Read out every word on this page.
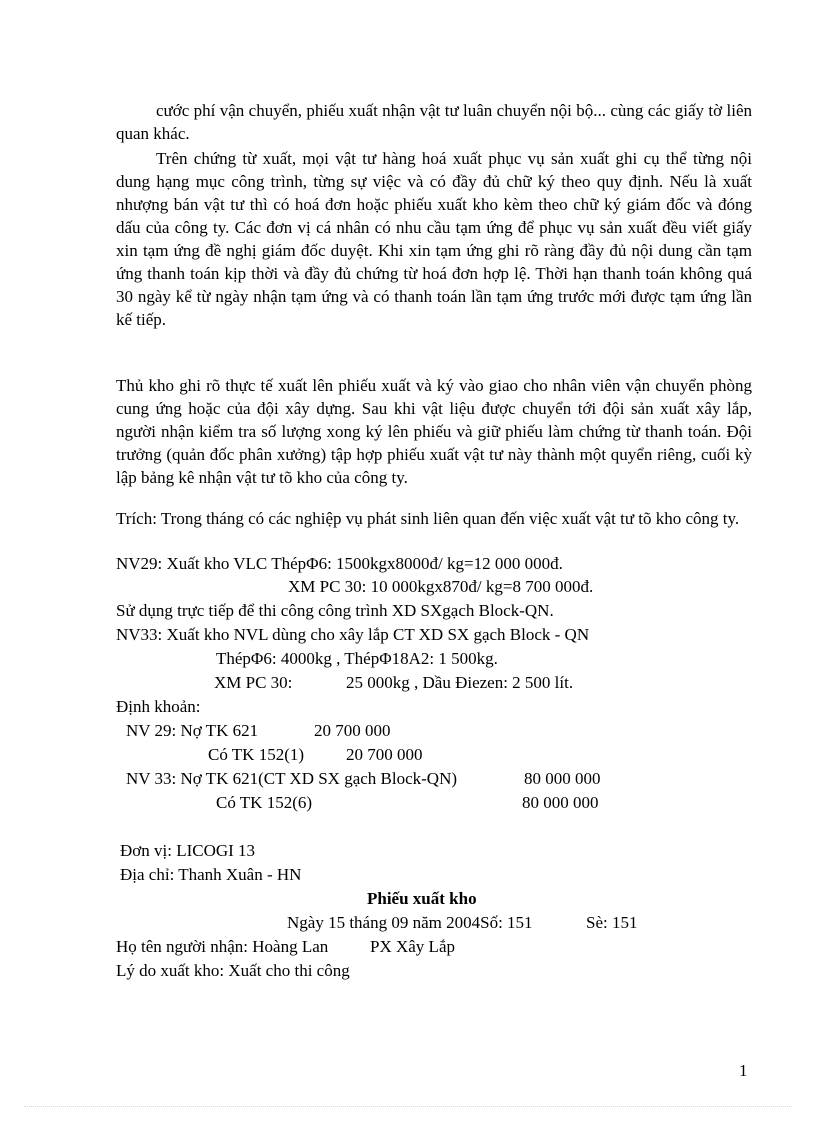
cước phí vận chuyển, phiếu xuất nhận vật tư luân chuyển nội bộ... cùng các giấy tờ liên quan khác.

Trên chứng từ xuất, mọi vật tư hàng hoá xuất phục vụ sản xuất ghi cụ thể từng nội dung hạng mục công trình, từng sự việc và có đầy đủ chữ ký theo quy định. Nếu là xuất nhượng bán vật tư thì có hoá đơn hoặc phiếu xuất kho kèm theo chữ ký giám đốc và đóng dấu của công ty. Các đơn vị cá nhân có nhu cầu tạm ứng để phục vụ sản xuất đều viết giấy xin tạm ứng đề nghị giám đốc duyệt. Khi xin tạm ứng ghi rõ ràng đầy đủ nội dung cần tạm ứng thanh toán kịp thời và đầy đủ chứng từ hoá đơn hợp lệ. Thời hạn thanh toán không quá 30 ngày kể từ ngày nhận tạm ứng và có thanh toán lần tạm ứng trước mới được tạm ứng lần kế tiếp.

Thủ kho ghi rõ thực tế xuất lên phiếu xuất và ký vào giao cho nhân viên vận chuyển phòng cung ứng hoặc của đội xây dựng. Sau khi vật liệu được chuyển tới đội sản xuất xây lắp, người nhận kiểm tra số lượng xong ký lên phiếu và giữ phiếu làm chứng từ thanh toán. Đội trưởng (quản đốc phân xưởng) tập hợp phiếu xuất vật tư này thành một quyển riêng, cuối kỳ lập bảng kê nhận vật tư tõ kho của công ty.

Trích: Trong tháng có các nghiệp vụ phát sinh liên quan đến việc xuất vật tư tõ kho công ty.

NV29: Xuất kho VLC ThépΦ6: 1500kgx8000đ/ kg=12 000 000đ.
XM PC 30: 10 000kgx870đ/ kg=8 700 000đ.
Sử dụng trực tiếp để thi công công trình XD SXgạch Block-QN.
NV33: Xuất kho NVL dùng cho xây lắp CT XD SX gạch Block - QN
ThépΦ6: 4000kg , ThépΦ18A2: 1 500kg.
XM PC 30:	25 000kg , Dầu Điezen: 2 500 lít.
Định khoản:
NV 29: Nợ TK 621	20 700 000
Có TK 152(1) 20 700 000
NV 33: Nợ TK 621(CT XD SX gạch Block-QN)	80 000 000
Có TK 152(6)	80 000 000
Đơn vị: LICOGI 13
Địa chỉ: Thanh Xuân - HN
Phiếu xuất kho
Ngày 15 tháng 09 năm 2004Số: 151	Sè: 151
Họ tên người nhận: Hoàng Lan PX Xây Lắp
Lý do xuất kho: Xuất cho thi công
1
